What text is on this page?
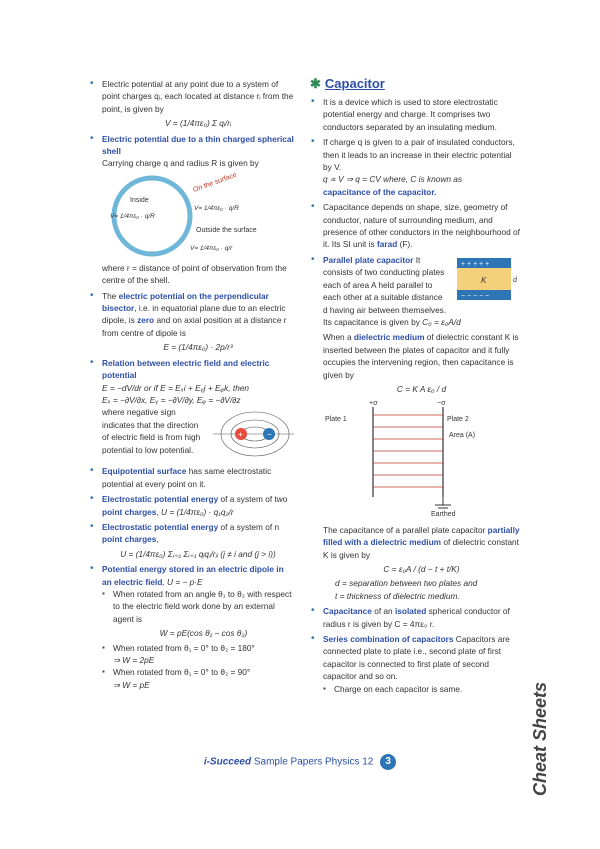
• Electric potential at any point due to a system of point charges qᵢ, each located at distance rᵢ from the point, is given by

V = (1/4πε₀) Σ qᵢ/rᵢ

• Electric potential due to a thin charged spherical shell

Carrying charge q and radius R is given by

Inside
V= 1/4πε₀ · q/R
On the surface
V= 1/4πε₀ · q/R
Outside the surface
V= 1/4πε₀ · q/r

where r = distance of point of observation from the centre of the shell.

• The electric potential on the perpendicular bisector, i.e. in equatorial plane due to an electric dipole, is zero and on axial position at a distance r from centre of dipole is

E = (1/4πε₀) · 2p/r³

• Relation between electric field and electric potential

E = −dV/dr or if E = Eₓi + Eᵧj + Eᵩk, then

Eₓ = −∂V/∂x, Eᵧ = −∂V/∂y, Eᵩ = −∂V/∂z

where negative sign indicates that the direction of electric field is from high potential to low potential.

+	−

• Equipotential surface has same electrostatic potential at every point on it.

• Electrostatic potential energy of a system of two point charges, U = (1/4πε₀) · q₁q₂/r

• Electrostatic potential energy of a system of n point charges,

U = (1/4πε₀) Σⱼ₌₁ Σᵢ₌₁ qᵢqⱼ/rⱼᵢ (j ≠ i and (j > i))

• Potential energy stored in an electric dipole in an electric field, U = − p·E

▪ When rotated from an angle θ₁ to θ₂ with respect to the electric field work done by an external agent is

W = pE(cos θ₁ − cos θ₂)

▪ When rotated from θ₁ = 0° to θ₂ = 180°

⇒ W = 2pE

▪ When rotated from θ₁ = 0° to θ₂ = 90°

⇒ W = pE

✱ Capacitor

• It is a device which is used to store electrostatic potential energy and charge. It comprises two conductors separated by an insulating medium.

• If charge q is given to a pair of insulated conductors, then it leads to an increase in their electric potential by V.

q ∝ V ⇒ q = CV where, C is known as

capacitance of the capacitor.

• Capacitance depends on shape, size, geometry of conductor, nature of surrounding medium, and presence of other conductors in the neighbourhood of it. Its SI unit is farad (F).

• Parallel plate capacitor It consists of two conducting plates each of area A held parallel to each other at a suitable distance d having air between themselves.

+ + + + +
− − − − −
K	d

Its capacitance is given by C₀ = ε₀A/d

When a dielectric medium of dielectric constant K is inserted between the plates of capacitor and it fully occupies the intervening region, then capacitance is given by

C = K A ε₀ / d

Plate 1	Plate 2
Area (A)
+σ	−σ
Earthed

The capacitance of a parallel plate capacitor partially filled with a dielectric medium of dielectric constant K is given by

C = ε₀A / (d − t + t/K)

d = separation between two plates and

t = thickness of dielectric medium.

• Capacitance of an isolated spherical conductor of radius r is given by C = 4πε₀ r.

• Series combination of capacitors Capacitors are connected plate to plate i.e., second plate of first capacitor is connected to first plate of second capacitor and so on.

▪ Charge on each capacitor is same.	Cheat Sheets
i-Succeed Sample Papers Physics 12 3
